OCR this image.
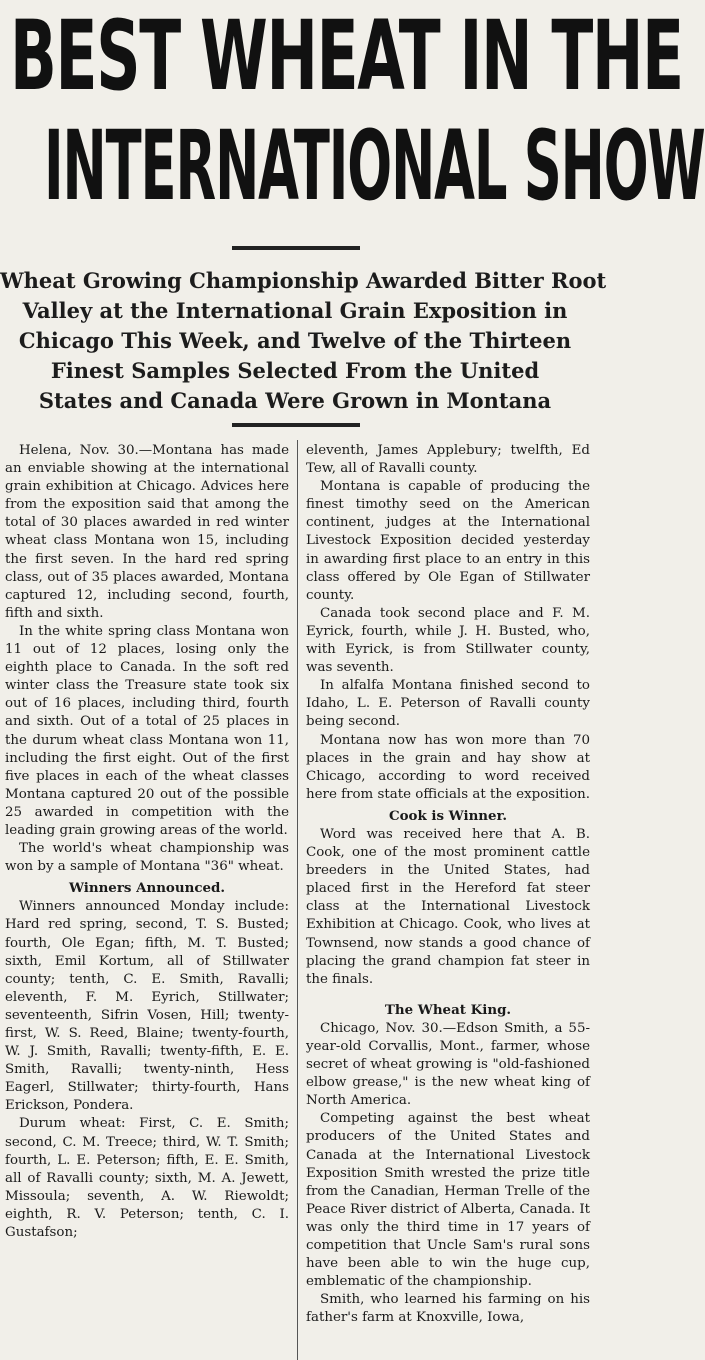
BEST WHEAT IN THE
INTERNATIONAL SHOW
Wheat Growing Championship Awarded Bitter Root
Valley at the International Grain Exposition in
Chicago This Week, and Twelve of the Thirteen
Finest Samples Selected From the United
States and Canada Were Grown in Montana

Helena, Nov. 30.—Montana has made an enviable showing at the international grain exhibition at Chicago. Advices here from the exposition said that among the total of 30 places awarded in red winter wheat class Montana won 15, including the first seven. In the hard red spring class, out of 35 places awarded, Montana captured 12, including second, fourth, fifth and sixth.

In the white spring class Montana won 11 out of 12 places, losing only the eighth place to Canada. In the soft red winter class the Treasure state took six out of 16 places, including third, fourth and sixth. Out of a total of 25 places in the durum wheat class Montana won 11, including the first eight. Out of the first five places in each of the wheat classes Montana captured 20 out of the possible 25 awarded in competition with the leading grain growing areas of the world.

The world's wheat championship was won by a sample of Montana "36" wheat.

Winners Announced.

Winners announced Monday include: Hard red spring, second, T. S. Busted; fourth, Ole Egan; fifth, M. T. Busted; sixth, Emil Kortum, all of Stillwater county; tenth, C. E. Smith, Ravalli; eleventh, F. M. Eyrich, Stillwater; seventeenth, Sifrin Vosen, Hill; twenty-first, W. S. Reed, Blaine; twenty-fourth, W. J. Smith, Ravalli; twenty-fifth, E. E. Smith, Ravalli; twenty-ninth, Hess Eagerl, Stillwater; thirty-fourth, Hans Erickson, Pondera.

Durum wheat: First, C. E. Smith; second, C. M. Treece; third, W. T. Smith; fourth, L. E. Peterson; fifth, E. E. Smith, all of Ravalli county; sixth, M. A. Jewett, Missoula; seventh, A. W. Riewoldt; eighth, R. V. Peterson; tenth, C. I. Gustafson;

eleventh, James Applebury; twelfth, Ed Tew, all of Ravalli county.

Montana is capable of producing the finest timothy seed on the American continent, judges at the International Livestock Exposition decided yesterday in awarding first place to an entry in this class offered by Ole Egan of Stillwater county.

Canada took second place and F. M. Eyrick, fourth, while J. H. Busted, who, with Eyrick, is from Stillwater county, was seventh.

In alfalfa Montana finished second to Idaho, L. E. Peterson of Ravalli county being second.

Montana now has won more than 70 places in the grain and hay show at Chicago, according to word received here from state officials at the exposition.

Cook is Winner.

Word was received here that A. B. Cook, one of the most prominent cattle breeders in the United States, had placed first in the Hereford fat steer class at the International Livestock Exhibition at Chicago. Cook, who lives at Townsend, now stands a good chance of placing the grand champion fat steer in the finals.

The Wheat King.

Chicago, Nov. 30.—Edson Smith, a 55-year-old Corvallis, Mont., farmer, whose secret of wheat growing is "old-fashioned elbow grease," is the new wheat king of North America.

Competing against the best wheat producers of the United States and Canada at the International Livestock Exposition Smith wrested the prize title from the Canadian, Herman Trelle of the Peace River district of Alberta, Canada. It was only the third time in 17 years of competition that Uncle Sam's rural sons have been able to win the huge cup, emblematic of the championship.

Smith, who learned his farming on his father's farm at Knoxville, Iowa,
